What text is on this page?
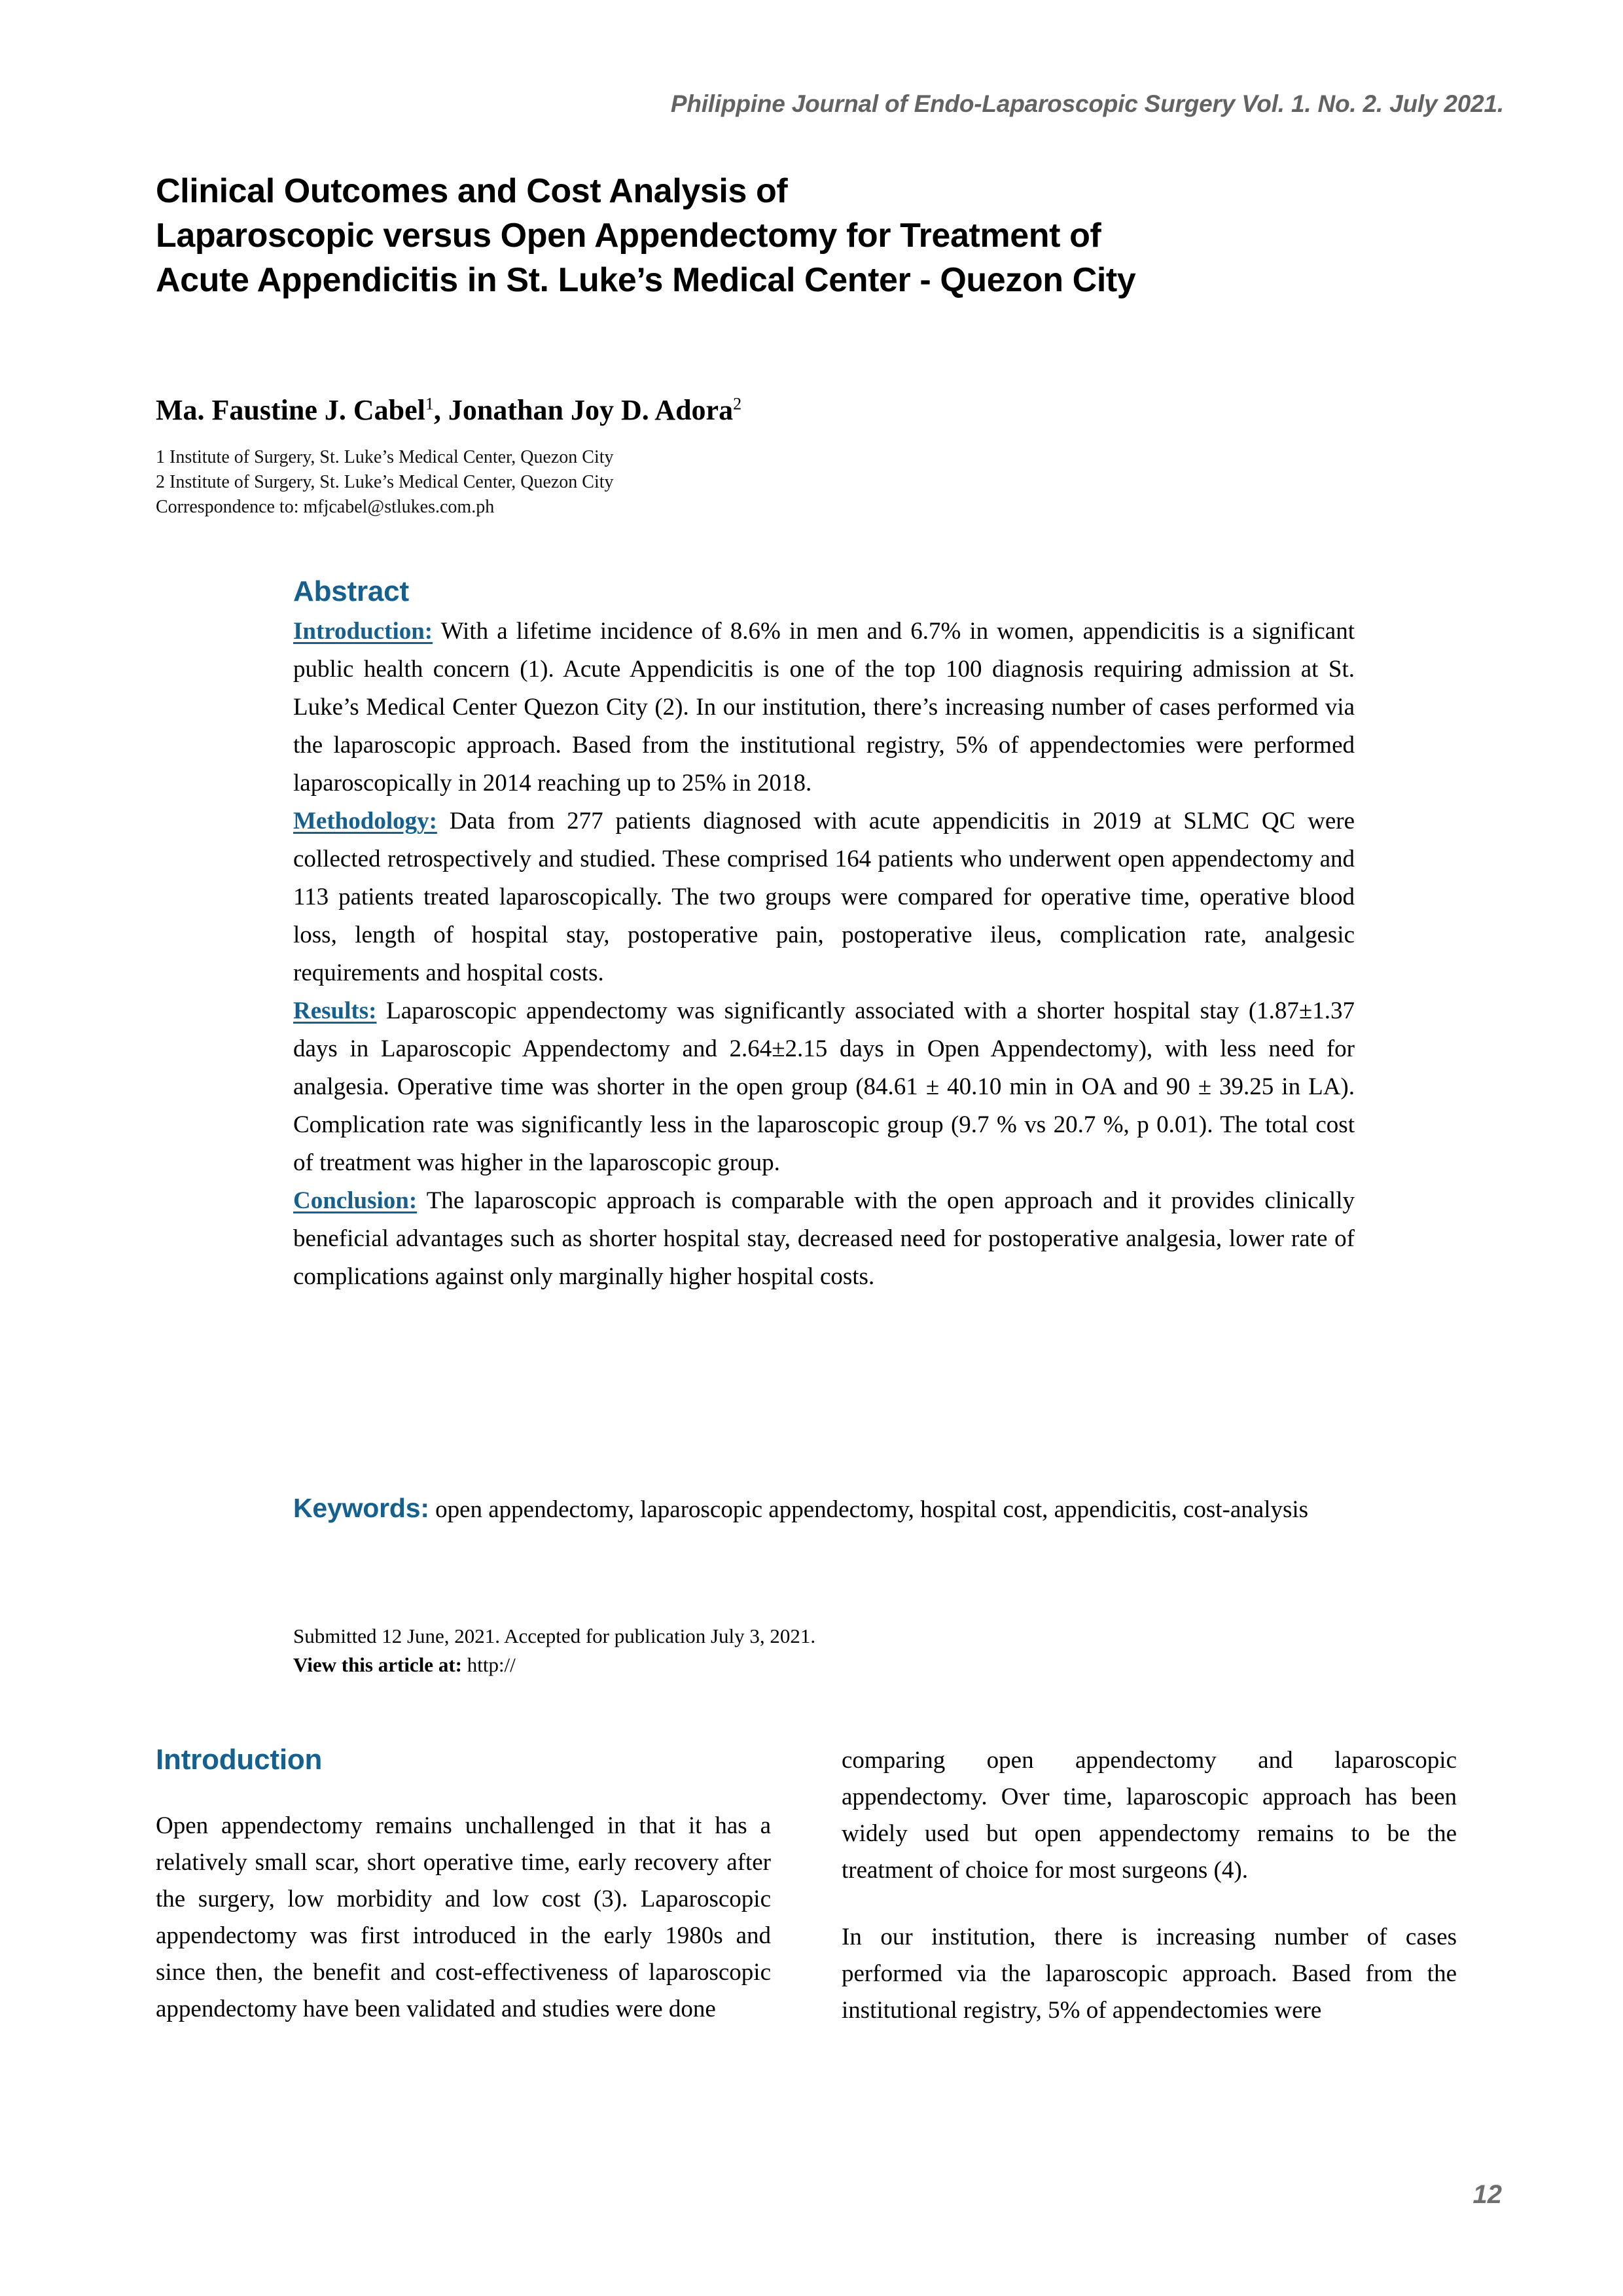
Philippine Journal of Endo-Laparoscopic Surgery Vol. 1. No. 2. July 2021.
Clinical Outcomes and Cost Analysis of
Laparoscopic versus Open Appendectomy for Treatment of
Acute Appendicitis in St. Luke’s Medical Center - Quezon City
Ma. Faustine J. Cabel$^1$, Jonathan Joy D. Adora$^2$
1 Institute of Surgery, St. Luke’s Medical Center, Quezon City
2 Institute of Surgery, St. Luke’s Medical Center, Quezon City
Correspondence to: mfjcabel@stlukes.com.ph
Abstract

Introduction: With a lifetime incidence of 8.6% in men and 6.7% in women, appendicitis is a significant public health concern (1). Acute Appendicitis is one of the top 100 diagnosis requiring admission at St. Luke’s Medical Center Quezon City (2). In our institution, there’s increasing number of cases performed via the laparoscopic approach. Based from the institutional registry, 5% of appendectomies were performed laparoscopically in 2014 reaching up to 25% in 2018.

Methodology: Data from 277 patients diagnosed with acute appendicitis in 2019 at SLMC QC were collected retrospectively and studied. These comprised 164 patients who underwent open appendectomy and 113 patients treated laparoscopically. The two groups were compared for operative time, operative blood loss, length of hospital stay, postoperative pain, postoperative ileus, complication rate, analgesic requirements and hospital costs.

Results: Laparoscopic appendectomy was significantly associated with a shorter hospital stay (1.87±1.37 days in Laparoscopic Appendectomy and 2.64±2.15 days in Open Appendectomy), with less need for analgesia. Operative time was shorter in the open group (84.61 ± 40.10 min in OA and 90 ± 39.25 in LA). Complication rate was significantly less in the laparoscopic group (9.7 % vs 20.7 %, p 0.01). The total cost of treatment was higher in the laparoscopic group.

Conclusion: The laparoscopic approach is comparable with the open approach and it provides clinically beneficial advantages such as shorter hospital stay, decreased need for postoperative analgesia, lower rate of complications against only marginally higher hospital costs.

Keywords: open appendectomy, laparoscopic appendectomy, hospital cost, appendicitis, cost-analysis

Submitted 12 June, 2021. Accepted for publication July 3, 2021.
View this article at: http://
Introduction

Open appendectomy remains unchallenged in that it has a relatively small scar, short operative time, early recovery after the surgery, low morbidity and low cost (3). Laparoscopic appendectomy was first introduced in the early 1980s and since then, the benefit and cost-effectiveness of laparoscopic appendectomy have been validated and studies were done

comparing open appendectomy and laparoscopic appendectomy. Over time, laparoscopic approach has been widely used but open appendectomy remains to be the treatment of choice for most surgeons (4).

In our institution, there is increasing number of cases performed via the laparoscopic approach. Based from the institutional registry, 5% of appendectomies were

12
